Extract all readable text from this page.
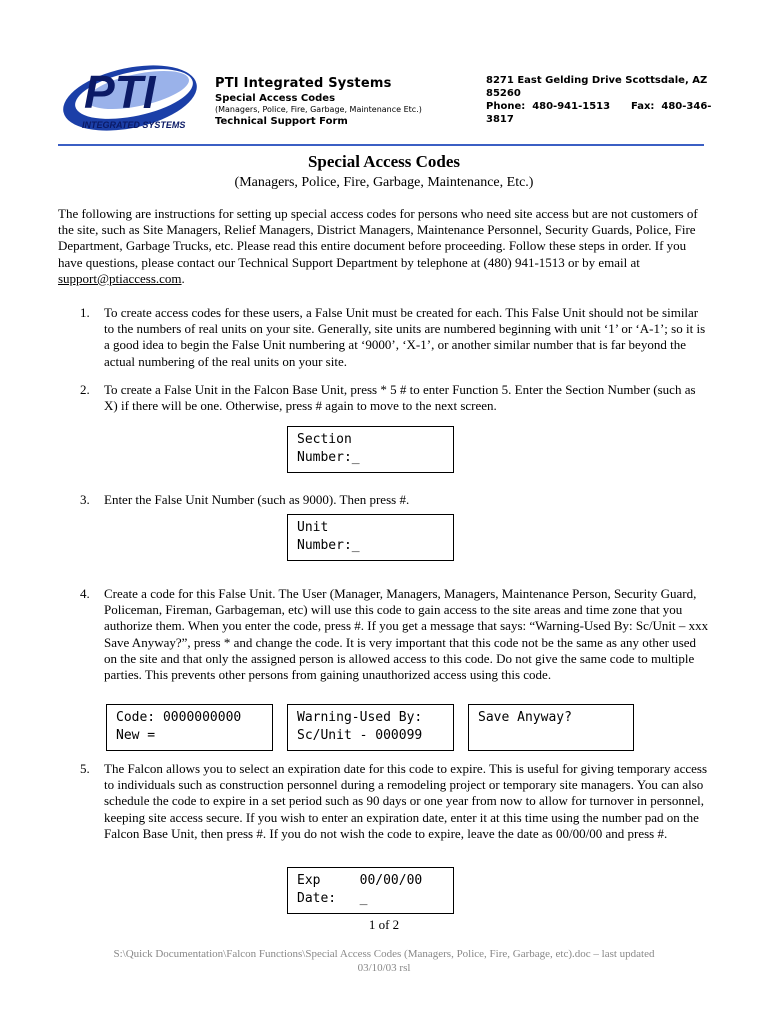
PTI
INTEGRATED SYSTEMS
PTI Integrated Systems
Special Access Codes
(Managers, Police, Fire, Garbage, Maintenance Etc.)
Technical Support Form
8271 East Gelding Drive Scottsdale, AZ
85260
Phone: 480-941-1513 Fax: 480-346-
3817
Special Access Codes
(Managers, Police, Fire, Garbage, Maintenance, Etc.)
The following are instructions for setting up special access codes for persons who need site access but are not customers of the site, such as Site Managers, Relief Managers, District Managers, Maintenance Personnel, Security Guards, Police, Fire Department, Garbage Trucks, etc. Please read this entire document before proceeding. Follow these steps in order. If you have questions, please contact our Technical Support Department by telephone at (480) 941-1513 or by email at support@ptiaccess.com.
1. To create access codes for these users, a False Unit must be created for each. This False Unit should not be similar to the numbers of real units on your site. Generally, site units are numbered beginning with unit ‘1’ or ‘A-1’; so it is a good idea to begin the False Unit numbering at ‘9000’, ‘X-1’, or another similar number that is far beyond the actual numbering of the real units on your site.
2. To create a False Unit in the Falcon Base Unit, press * 5 # to enter Function 5. Enter the Section Number (such as X) if there will be one. Otherwise, press # again to move to the next screen.
Section
Number:_
3. Enter the False Unit Number (such as 9000). Then press #.
Unit
Number:_
4. Create a code for this False Unit. The User (Manager, Managers, Managers, Maintenance Person, Security Guard, Policeman, Fireman, Garbageman, etc) will use this code to gain access to the site areas and time zone that you authorize them. When you enter the code, press #. If you get a message that says: “Warning-Used By: Sc/Unit – xxx Save Anyway?”, press * and change the code. It is very important that this code not be the same as any other used on the site and that only the assigned person is allowed access to this code. Do not give the same code to multiple parties. This prevents other persons from gaining unauthorized access using this code.
Code: 0000000000
New =
Warning-Used By:
Sc/Unit - 000099
Save Anyway?
5. The Falcon allows you to select an expiration date for this code to expire. This is useful for giving temporary access to individuals such as construction personnel during a remodeling project or temporary site managers. You can also schedule the code to expire in a set period such as 90 days or one year from now to allow for turnover in personnel, keeping site access secure. If you wish to enter an expiration date, enter it at this time using the number pad on the Falcon Base Unit, then press #. If you do not wish the code to expire, leave the date as 00/00/00 and press #.
Exp     00/00/00
Date:   _
1 of 2
S:\Quick Documentation\Falcon Functions\Special Access Codes (Managers, Police, Fire, Garbage, etc).doc – last updated
03/10/03 rsl
